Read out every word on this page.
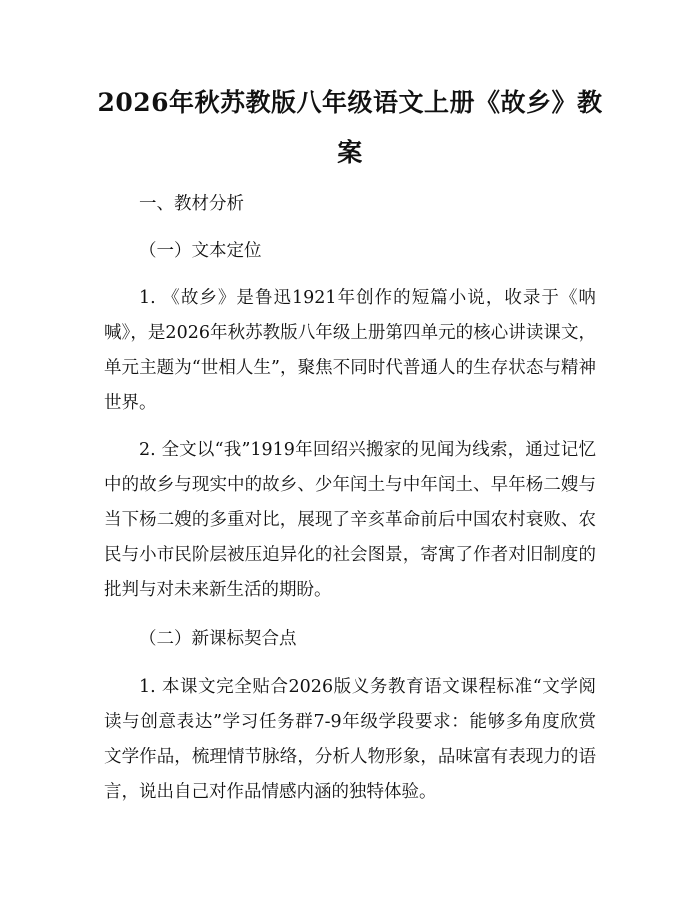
2026年秋苏教版八年级语文上册《故乡》教案

一、教材分析

（一）文本定位

1. 《故乡》是鲁迅1921年创作的短篇小说，收录于《呐喊》，是2026年秋苏教版八年级上册第四单元的核心讲读课文，单元主题为“世相人生”，聚焦不同时代普通人的生存状态与精神世界。

2. 全文以“我”1919年回绍兴搬家的见闻为线索，通过记忆中的故乡与现实中的故乡、少年闰土与中年闰土、早年杨二嫂与当下杨二嫂的多重对比，展现了辛亥革命前后中国农村衰败、农民与小市民阶层被压迫异化的社会图景，寄寓了作者对旧制度的批判与对未来新生活的期盼。

（二）新课标契合点

1. 本课文完全贴合2026版义务教育语文课程标准“文学阅读与创意表达”学习任务群7-9年级学段要求：能够多角度欣赏文学作品，梳理情节脉络，分析人物形象，品味富有表现力的语言，说出自己对作品情感内涵的独特体验。
